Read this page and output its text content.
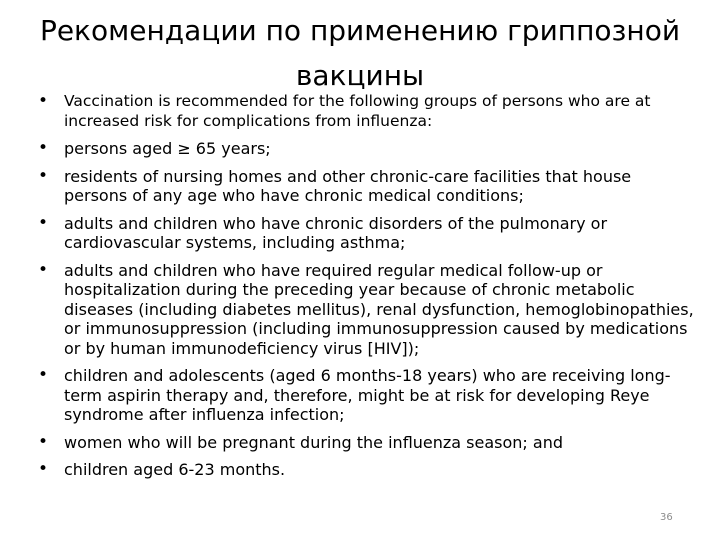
Рекомендации по применению гриппозной вакцины
• Vaccination is recommended for the following groups of persons who are at increased risk for complications from influenza:
• persons aged ≥ 65 years;
• residents of nursing homes and other chronic-care facilities that house persons of any age who have chronic medical conditions;
• adults and children who have chronic disorders of the pulmonary or cardiovascular systems, including asthma;
• adults and children who have required regular medical follow-up or hospitalization during the preceding year because of chronic metabolic diseases (including diabetes mellitus), renal dysfunction, hemoglobinopathies, or immunosuppression (including immunosuppression caused by medications or by human immunodeficiency virus [HIV]);
• children and adolescents (aged 6 months-18 years) who are receiving long-term aspirin therapy and, therefore, might be at risk for developing Reye syndrome after influenza infection;
• women who will be pregnant during the influenza season; and
• children aged 6-23 months.
36
